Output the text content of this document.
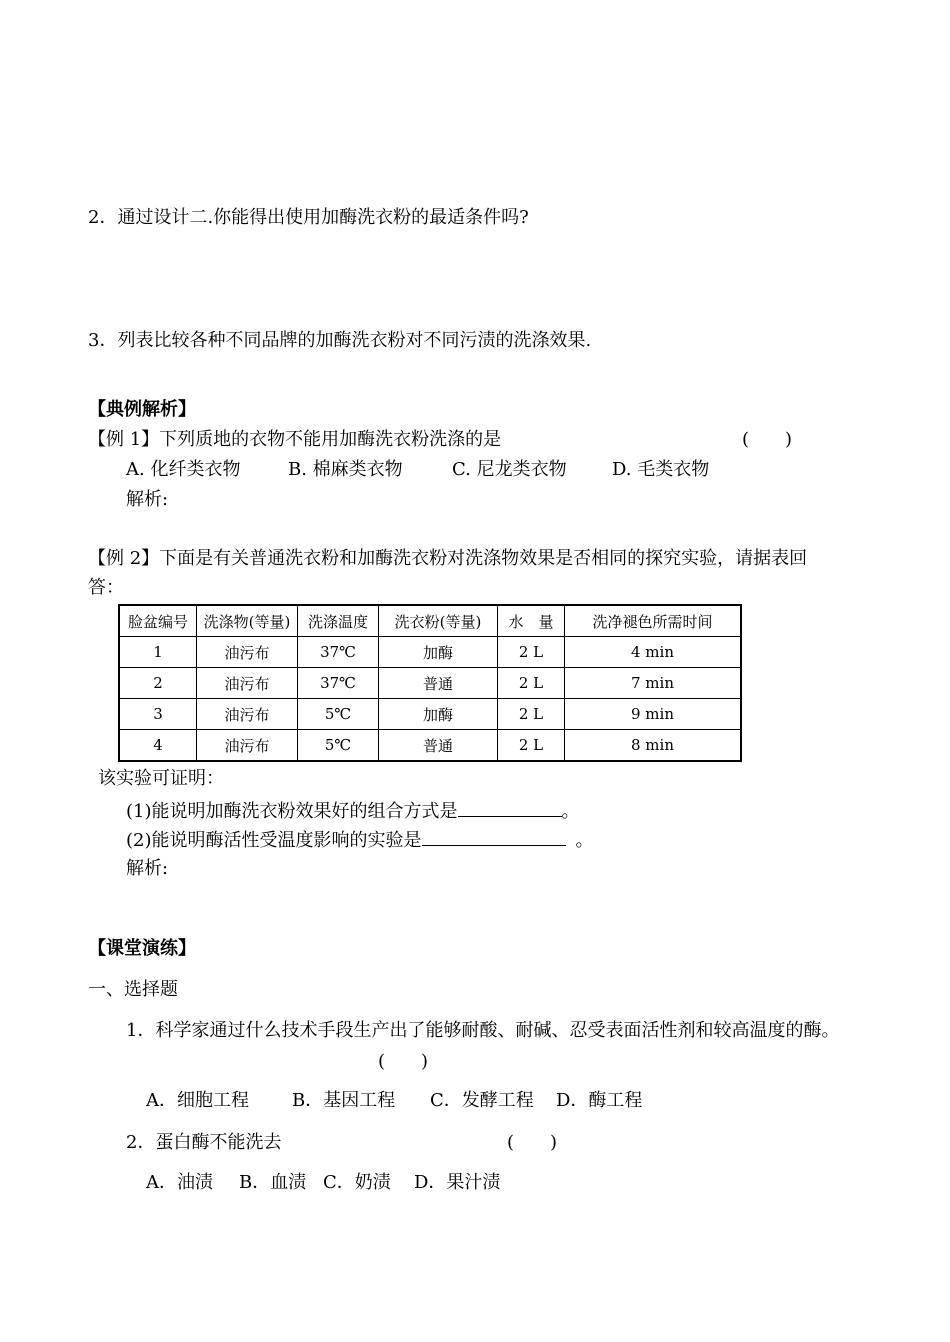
2．通过设计二.你能得出使用加酶洗衣粉的最适条件吗?
3．列表比较各种不同品牌的加酶洗衣粉对不同污渍的洗涤效果.
【典例解析】
【例 1】下列质地的衣物不能用加酶洗衣粉洗涤的是	(　　)
A. 化纤类衣物	B. 棉麻类衣物	C. 尼龙类衣物	D. 毛类衣物
解析:
【例 2】下面是有关普通洗衣粉和加酶洗衣粉对洗涤物效果是否相同的探究实验，请据表回
答：
脸盆编号	洗涤物(等量)	洗涤温度	洗衣粉(等量)	水　量	洗净褪色所需时间
1	油污布	37℃	加酶	2 L	4 min
2	油污布	37℃	普通	2 L	7 min
3	油污布	5℃	加酶	2 L	9 min
4	油污布	5℃	普通	2 L	8 min
该实验可证明：
(1)能说明加酶洗衣粉效果好的组合方式是	。
(2)能说明酶活性受温度影响的实验是	。
解析:
【课堂演练】
一、选择题
1．科学家通过什么技术手段生产出了能够耐酸、耐碱、忍受表面活性剂和较高温度的酶。
(　　)
A．细胞工程 B．基因工程 C．发酵工程 D．酶工程
2．蛋白酶不能洗去	(　　)
A．油渍 B．血渍 C．奶渍 D．果汁渍
